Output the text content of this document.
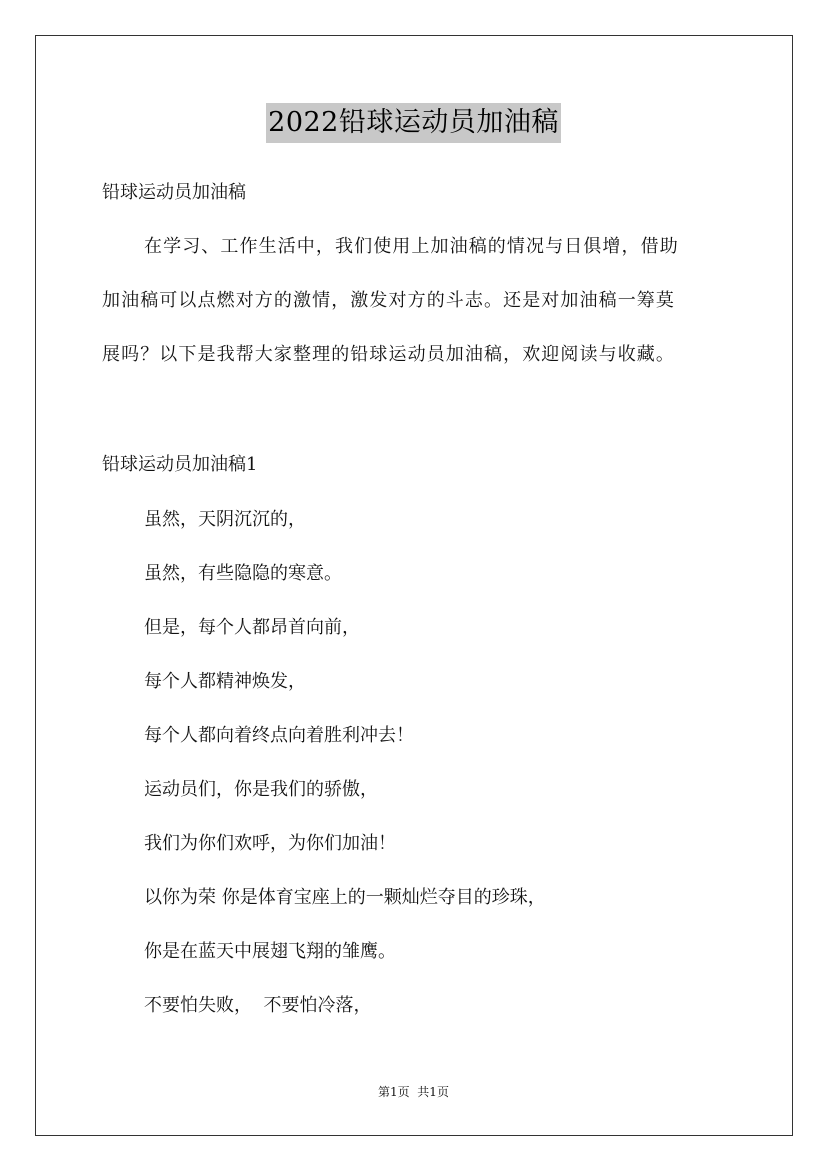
2022铅球运动员加油稿
铅球运动员加油稿
在学习、工作生活中，我们使用上加油稿的情况与日俱增，借助
加油稿可以点燃对方的激情，激发对方的斗志。还是对加油稿一筹莫
展吗？以下是我帮大家整理的铅球运动员加油稿，欢迎阅读与收藏。
铅球运动员加油稿1
虽然，天阴沉沉的，
虽然，有些隐隐的寒意。
但是，每个人都昂首向前，
每个人都精神焕发，
每个人都向着终点向着胜利冲去！
运动员们，你是我们的骄傲，
我们为你们欢呼，为你们加油！
以你为荣 你是体育宝座上的一颗灿烂夺目的珍珠，
你是在蓝天中展翅飞翔的雏鹰。
不要怕失败，  不要怕冷落，
第1页  共1页
